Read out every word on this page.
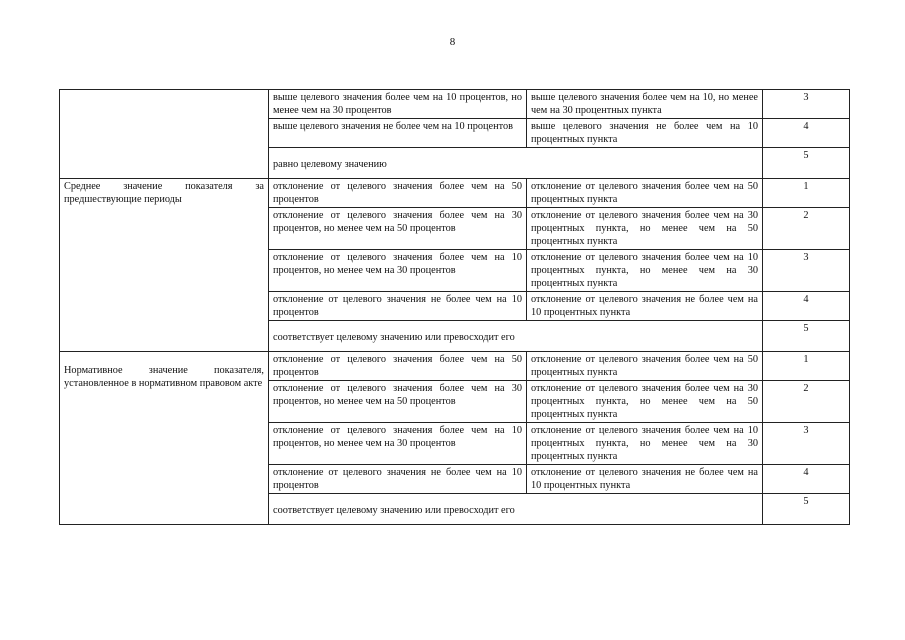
8
	выше целевого значения более чем на 10 процентов, но менее чем на 30 процентов	выше целевого значения более чем на 10, но менее чем на 30 процентных пункта	3
	выше целевого значения не более чем на 10 процентов	выше целевого значения не более чем на 10 процентных пункта	4
	равно целевому значению		5
Среднее значение показателя за предшествующие периоды	отклонение от целевого значения более чем на 50 процентов	отклонение от целевого значения более чем на 50 процентных пункта	1
	отклонение от целевого значения более чем на 30 процентов, но менее чем на 50 процентов	отклонение от целевого значения более чем на 30 процентных пункта, но менее чем на 50 процентных пункта	2
	отклонение от целевого значения более чем на 10 процентов, но менее чем на 30 процентов	отклонение от целевого значения более чем на 10 процентных пункта, но менее чем на 30 процентных пункта	3
	отклонение от целевого значения не более чем на 10 процентов	отклонение от целевого значения не более чем на 10 процентных пункта	4
	соответствует целевому значению или превосходит его		5
Нормативное значение показателя, установленное в нормативном правовом акте	отклонение от целевого значения более чем на 50 процентов	отклонение от целевого значения более чем на 50 процентных пункта	1
	отклонение от целевого значения более чем на 30 процентов, но менее чем на 50 процентов	отклонение от целевого значения более чем на 30 процентных пункта, но менее чем на 50 процентных пункта	2
	отклонение от целевого значения более чем на 10 процентов, но менее чем на 30 процентов	отклонение от целевого значения более чем на 10 процентных пункта, но менее чем на 30 процентных пункта	3
	отклонение от целевого значения не более чем на 10 процентов	отклонение от целевого значения не более чем на 10 процентных пункта	4
	соответствует целевому значению или превосходит его		5
